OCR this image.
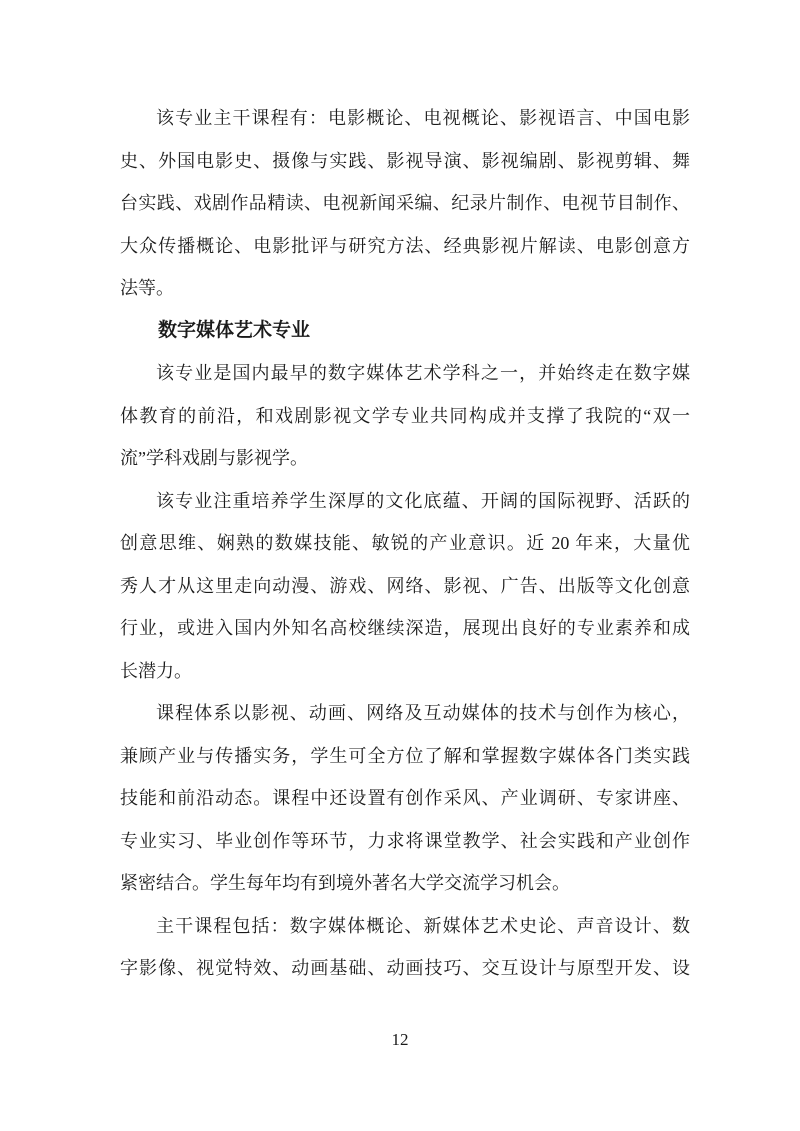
该专业主干课程有：电影概论、电视概论、影视语言、中国电影
史、外国电影史、摄像与实践、影视导演、影视编剧、影视剪辑、舞
台实践、戏剧作品精读、电视新闻采编、纪录片制作、电视节目制作、
大众传播概论、电影批评与研究方法、经典影视片解读、电影创意方
法等。
数字媒体艺术专业
该专业是国内最早的数字媒体艺术学科之一，并始终走在数字媒
体教育的前沿，和戏剧影视文学专业共同构成并支撑了我院的“双一
流”学科戏剧与影视学。
该专业注重培养学生深厚的文化底蕴、开阔的国际视野、活跃的
创意思维、娴熟的数媒技能、敏锐的产业意识。近 20 年来，大量优
秀人才从这里走向动漫、游戏、网络、影视、广告、出版等文化创意
行业，或进入国内外知名高校继续深造，展现出良好的专业素养和成
长潜力。
课程体系以影视、动画、网络及互动媒体的技术与创作为核心，
兼顾产业与传播实务，学生可全方位了解和掌握数字媒体各门类实践
技能和前沿动态。课程中还设置有创作采风、产业调研、专家讲座、
专业实习、毕业创作等环节，力求将课堂教学、社会实践和产业创作
紧密结合。学生每年均有到境外著名大学交流学习机会。
主干课程包括：数字媒体概论、新媒体艺术史论、声音设计、数
字影像、视觉特效、动画基础、动画技巧、交互设计与原型开发、设
12
